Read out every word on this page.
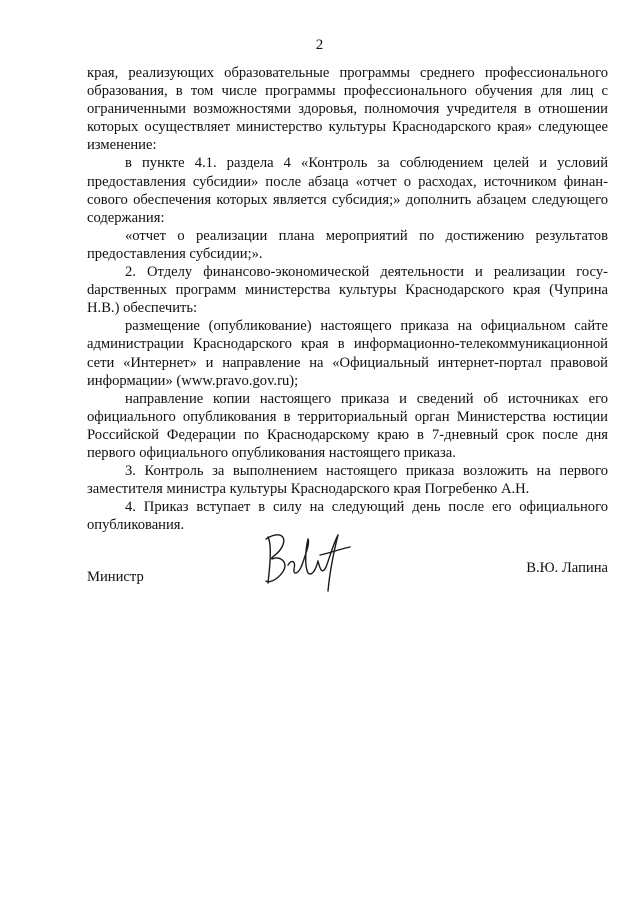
2

края, реализующих образовательные программы среднего профессионального образования, в том числе программы профессионального обучения для лиц с ограниченными возможностями здоровья, полномочия учредителя в отношении которых осуществляет министерство культуры Краснодарского края» следующее изменение:

в пункте 4.1. раздела 4 «Контроль за соблюдением целей и условий предоставления субсидии» после абзаца «отчет о расходах, источником финансового обеспечения которых является субсидия;» дополнить абзацем следующего содержания:

«отчет о реализации плана мероприятий по достижению результатов предоставления субсидии;».

2. Отделу финансово-экономической деятельности и реализации госуdарственных программ министерства культуры Краснодарского края (Чуприна Н.В.) обеспечить:

размещение (опубликование) настоящего приказа на официальном сайте администрации Краснодарского края в информационно-телекоммуникационной сети «Интернет» и направление на «Официальный интернет-портал правовой информации» (www.pravo.gov.ru);

направление копии настоящего приказа и сведений об источниках его официального опубликования в территориальный орган Министерства юстиции Российской Федерации по Краснодарскому краю в 7-дневный срок после дня первого официального опубликования настоящего приказа.

3. Контроль за выполнением настоящего приказа возложить на первого заместителя министра культуры Краснодарского края Погребенко А.Н.

4. Приказ вступает в силу на следующий день после его официального опубликования.

Министр
В.Ю. Лапина
